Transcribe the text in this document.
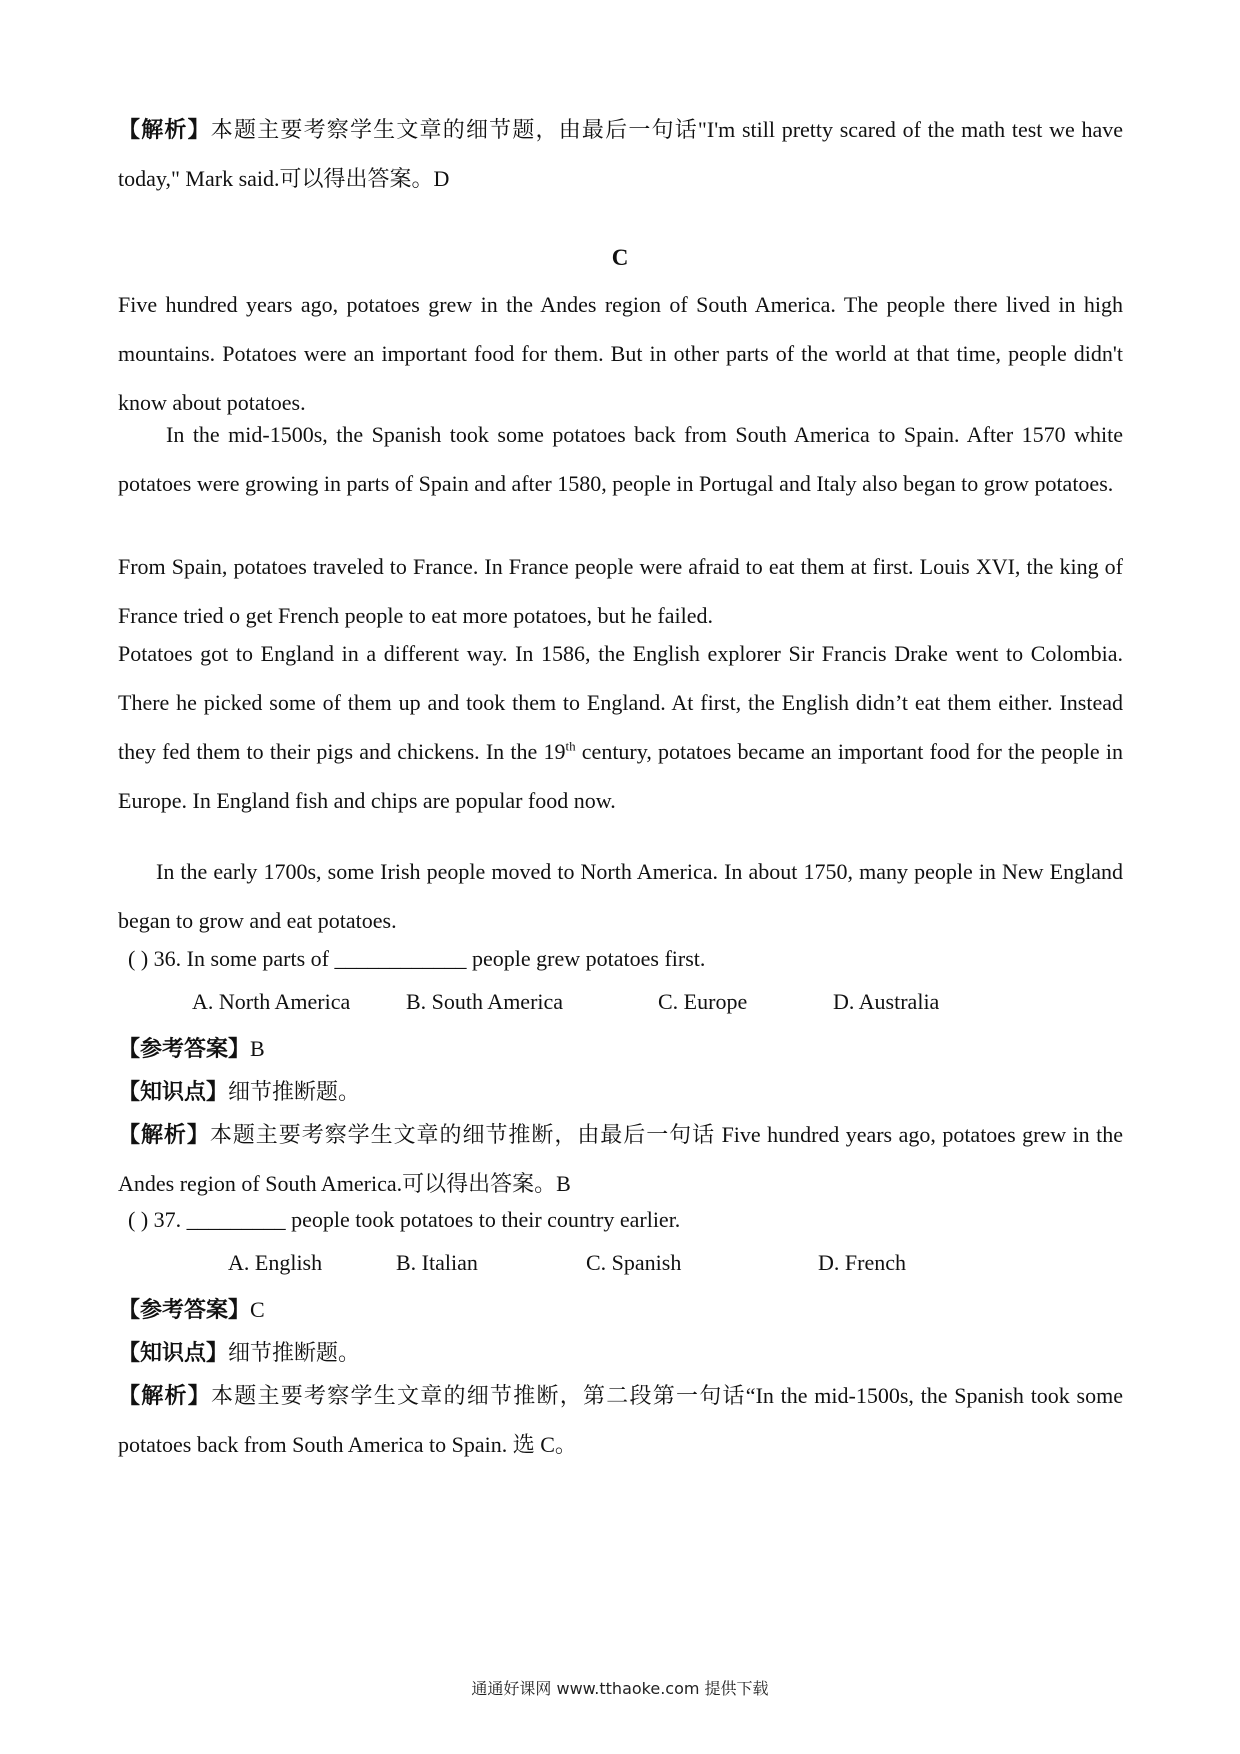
【解析】本题主要考察学生文章的细节题，由最后一句话"I'm still pretty scared of the math test we have today," Mark said.可以得出答案。D
C
Five hundred years ago, potatoes grew in the Andes region of South America. The people there lived in high mountains. Potatoes were an important food for them. But in other parts of the world at that time, people didn't know about potatoes.
In the mid-1500s, the Spanish took some potatoes back from South America to Spain. After 1570 white potatoes were growing in parts of Spain and after 1580, people in Portugal and Italy also began to grow potatoes.
From Spain, potatoes traveled to France. In France people were afraid to eat them at first. Louis XVI, the king of France tried o get French people to eat more potatoes, but he failed.
Potatoes got to England in a different way. In 1586, the English explorer Sir Francis Drake went to Colombia. There he picked some of them up and took them to England. At first, the English didn’t eat them either. Instead they fed them to their pigs and chickens. In the 19th century, potatoes became an important food for the people in Europe. In England fish and chips are popular food now.
In the early 1700s, some Irish people moved to North America. In about 1750, many people in New England began to grow and eat potatoes.
( ) 36. In some parts of ____________ people grew potatoes first.
A. North America	B. South America	C. Europe	D. Australia
【参考答案】B
【知识点】细节推断题。
【解析】本题主要考察学生文章的细节推断，由最后一句话 Five hundred years ago, potatoes grew in the Andes region of South America.可以得出答案。B
( ) 37. _________ people took potatoes to their country earlier.
A. English	B. Italian	C. Spanish	D. French
【参考答案】C
【知识点】细节推断题。
【解析】本题主要考察学生文章的细节推断，第二段第一句话“In the mid-1500s, the Spanish took some potatoes back from South America to Spain. 选 C。
通通好课网 www.tthaoke.com 提供下载
